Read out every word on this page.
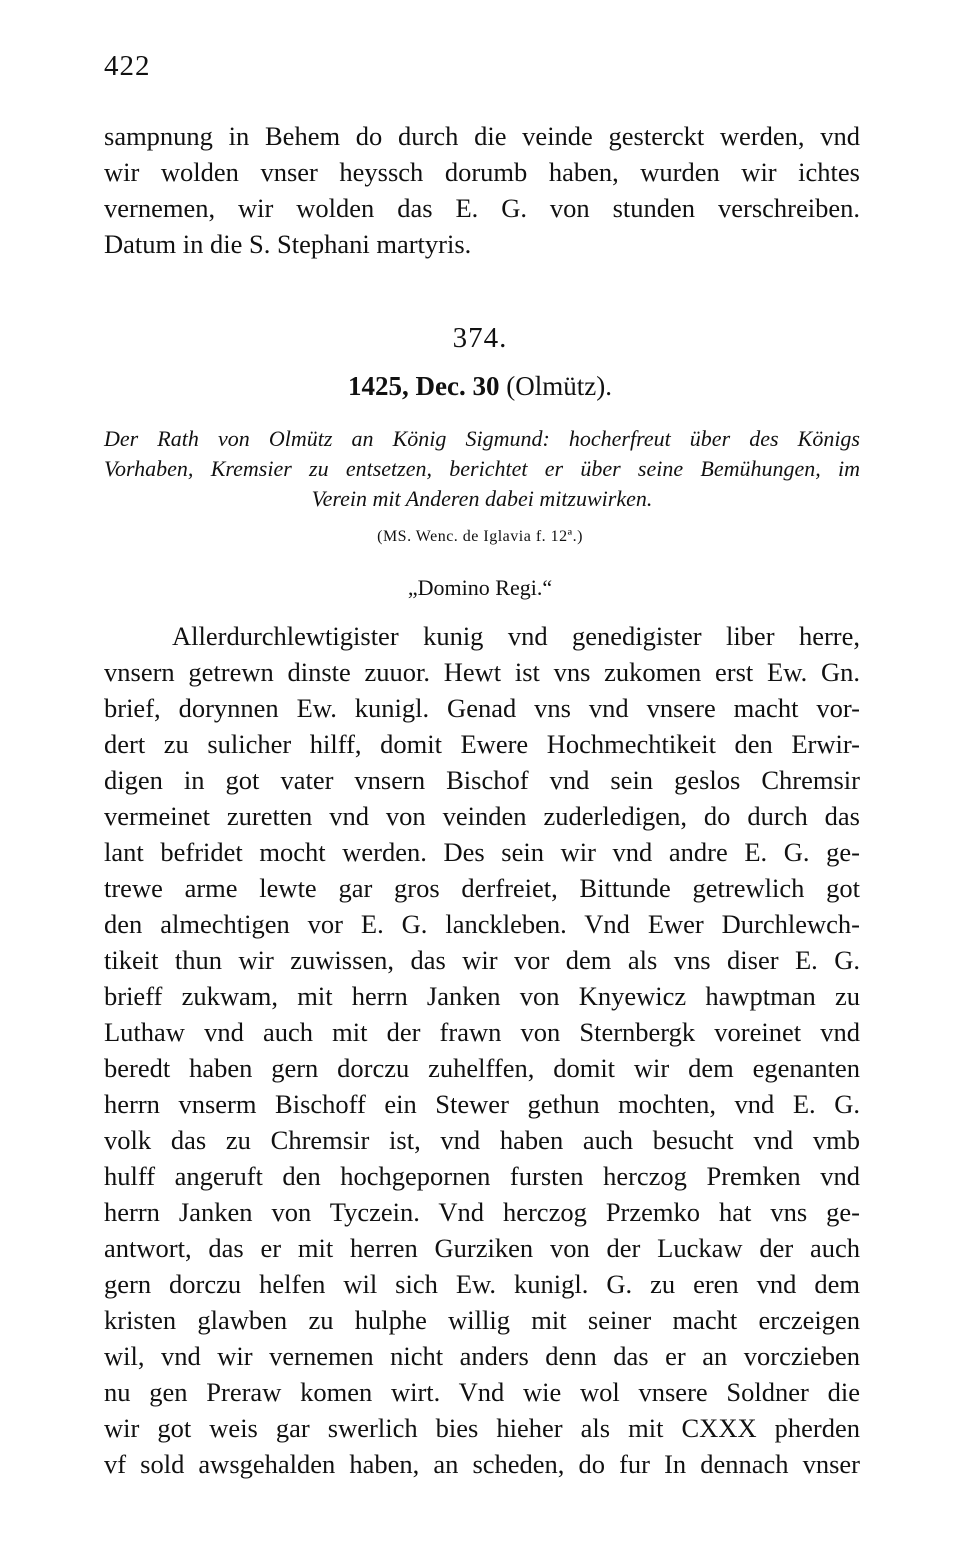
422
sampnung in Behem do durch die veinde gesterckt werden, vnd
wir wolden vnser heyssch dorumb haben, wurden wir ichtes
vernemen, wir wolden das E. G. von stunden verschreiben.
Datum in die S. Stephani martyris.
374.
1425, Dec. 30 (Olmütz).
Der Rath von Olmütz an König Sigmund: hocherfreut über des Königs
Vorhaben, Kremsier zu entsetzen, berichtet er über seine Bemühungen, im
Verein mit Anderen dabei mitzuwirken.
(MS. Wenc. de Iglavia f. 12ª.)
„Domino Regi.“
Allerdurchlewtigister kunig vnd genedigister liber herre,
vnsern getrewn dinste zuuor. Hewt ist vns zukomen erst Ew. Gn.
brief, dorynnen Ew. kunigl. Genad vns vnd vnsere macht vor-
dert zu sulicher hilff, domit Ewere Hochmechtikeit den Erwir-
digen in got vater vnsern Bischof vnd sein geslos Chremsir
vermeinet zuretten vnd von veinden zuderledigen, do durch das
lant befridet mocht werden. Des sein wir vnd andre E. G. ge-
trewe arme lewte gar gros derfreiet, Bittunde getrewlich got
den almechtigen vor E. G. lanckleben. Vnd Ewer Durchlewch-
tikeit thun wir zuwissen, das wir vor dem als vns diser E. G.
brieff zukwam, mit herrn Janken von Knyewicz hawptman zu
Luthaw vnd auch mit der frawn von Sternbergk voreinet vnd
beredt haben gern dorczu zuhelffen, domit wir dem egenanten
herrn vnserm Bischoff ein Stewer gethun mochten, vnd E. G.
volk das zu Chremsir ist, vnd haben auch besucht vnd vmb
hulff angeruft den hochgepornen fursten herczog Premken vnd
herrn Janken von Tyczein. Vnd herczog Przemko hat vns ge-
antwort, das er mit herren Gurziken von der Luckaw der auch
gern dorczu helfen wil sich Ew. kunigl. G. zu eren vnd dem
kristen glawben zu hulphe willig mit seiner macht erczeigen
wil, vnd wir vernemen nicht anders denn das er an vorczieben
nu gen Preraw komen wirt. Vnd wie wol vnsere Soldner die
wir got weis gar swerlich bies hieher als mit CXXX pherden
vf sold awsgehalden haben, an scheden, do fur In dennach vnser
